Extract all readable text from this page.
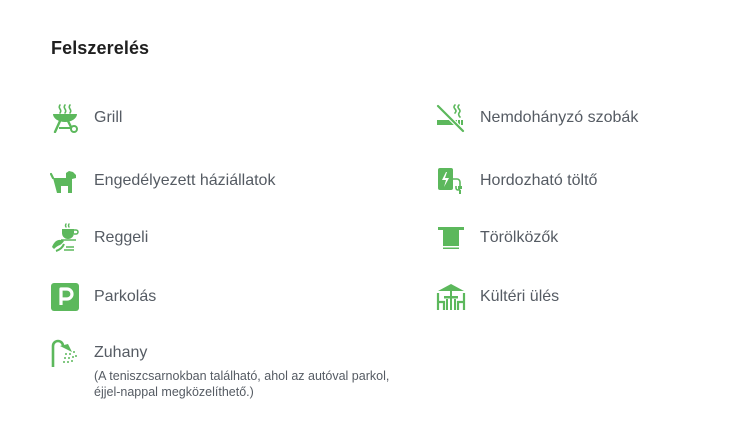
Felszerelés
Grill
Engedélyezett háziállatok
Reggeli
Parkolás
Zuhany
(A teniszcsarnokban található, ahol az autóval parkol, éjjel-nappal megközelíthető.)
Nemdohányzó szobák
Hordozható töltő
Törölközők
Kültéri ülés
